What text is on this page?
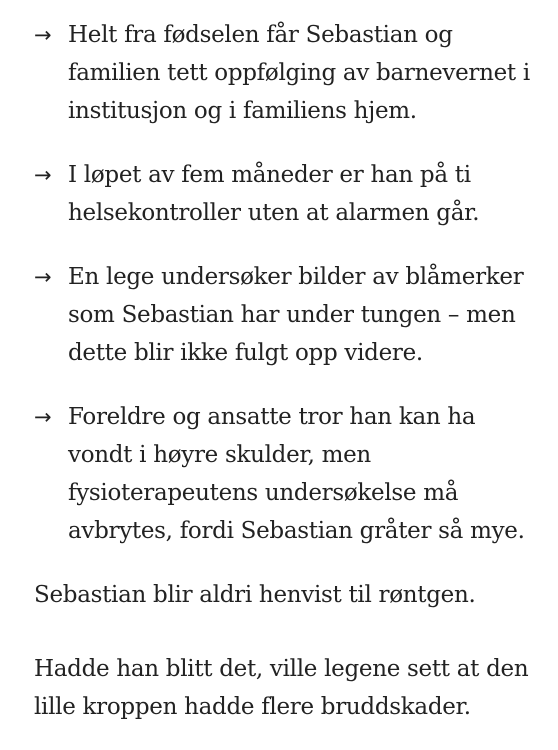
→ Helt fra fødselen får Sebastian og familien tett oppfølging av barnevernet i institusjon og i familiens hjem.
→ I løpet av fem måneder er han på ti helsekontroller uten at alarmen går.
→ En lege undersøker bilder av blåmerker som Sebastian har under tungen – men dette blir ikke fulgt opp videre.
→ Foreldre og ansatte tror han kan ha vondt i høyre skulder, men fysioterapeutens undersøkelse må avbrytes, fordi Sebastian gråter så mye.

Sebastian blir aldri henvist til røntgen.

Hadde han blitt det, ville legene sett at den lille kroppen hadde flere bruddskader.
